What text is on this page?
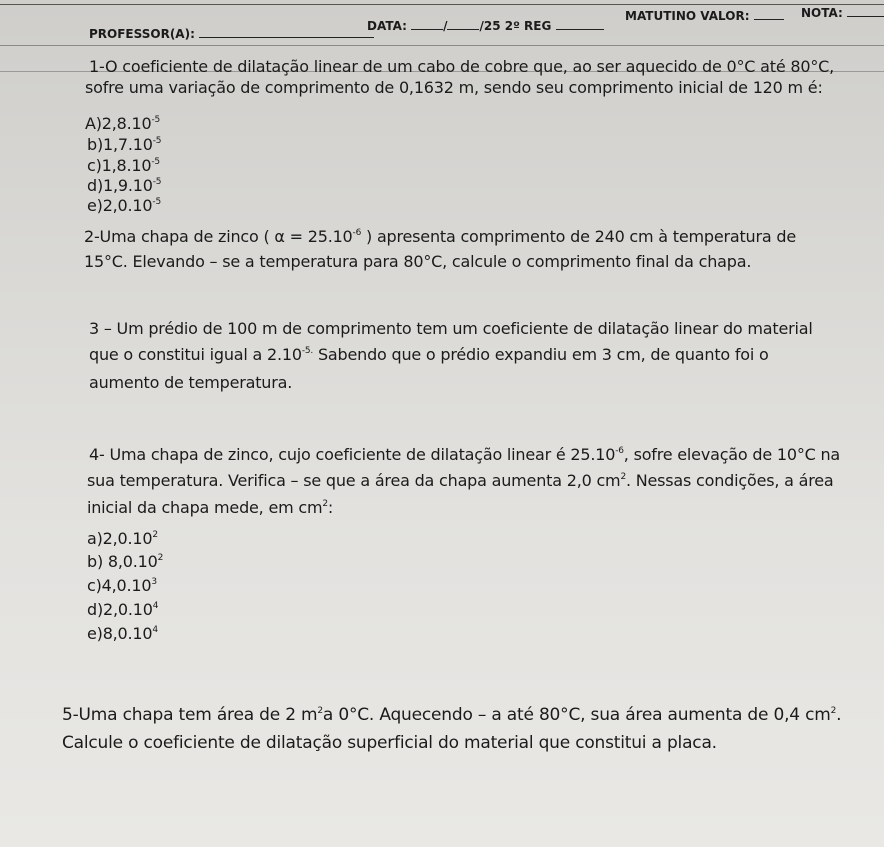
PROFESSOR(A):
DATA:	/	/25 2º REG
MATUTINO VALOR:	NOTA:
1-O coeficiente de dilatação linear de um cabo de cobre que, ao ser aquecido de 0°C até 80°C,
sofre uma variação de comprimento de 0,1632 m, sendo seu comprimento inicial de 120 m é:
$A)2,8.10^{-5}$
$b)1,7.10^{-5}$
$c)1,8.10^{-5}$
$d)1,9.10^{-5}$
$e)2,0.10^{-5}$
2-Uma chapa de zinco ( $\alpha = 25.10^{-6}$ ) apresenta comprimento de 240 cm à temperatura de
15°C. Elevando – se a temperatura para 80°C, calcule o comprimento final da chapa.
3 – Um prédio de 100 m de comprimento tem um coeficiente de dilatação linear do material
que o constitui igual a $2.10^{-5.}$ Sabendo que o prédio expandiu em 3 cm, de quanto foi o
aumento de temperatura.
4- Uma chapa de zinco, cujo coeficiente de dilatação linear é $25.10^{-6}$, sofre elevação de 10°C na
sua temperatura. Verifica – se que a área da chapa aumenta 2,0 $cm^2$. Nessas condições, a área
inicial da chapa mede, em $cm^2$:
a)2,0.10$^2$
b) 8,0.10$^2$
c)4,0.10$^3$
d)2,0.10$^4$
e)8,0.10$^4$
5-Uma chapa tem área de 2 $m^2a$ 0°C. Aquecendo – a até 80°C, sua área aumenta de 0,4 $cm^2$.
Calcule o coeficiente de dilatação superficial do material que constitui a placa.
